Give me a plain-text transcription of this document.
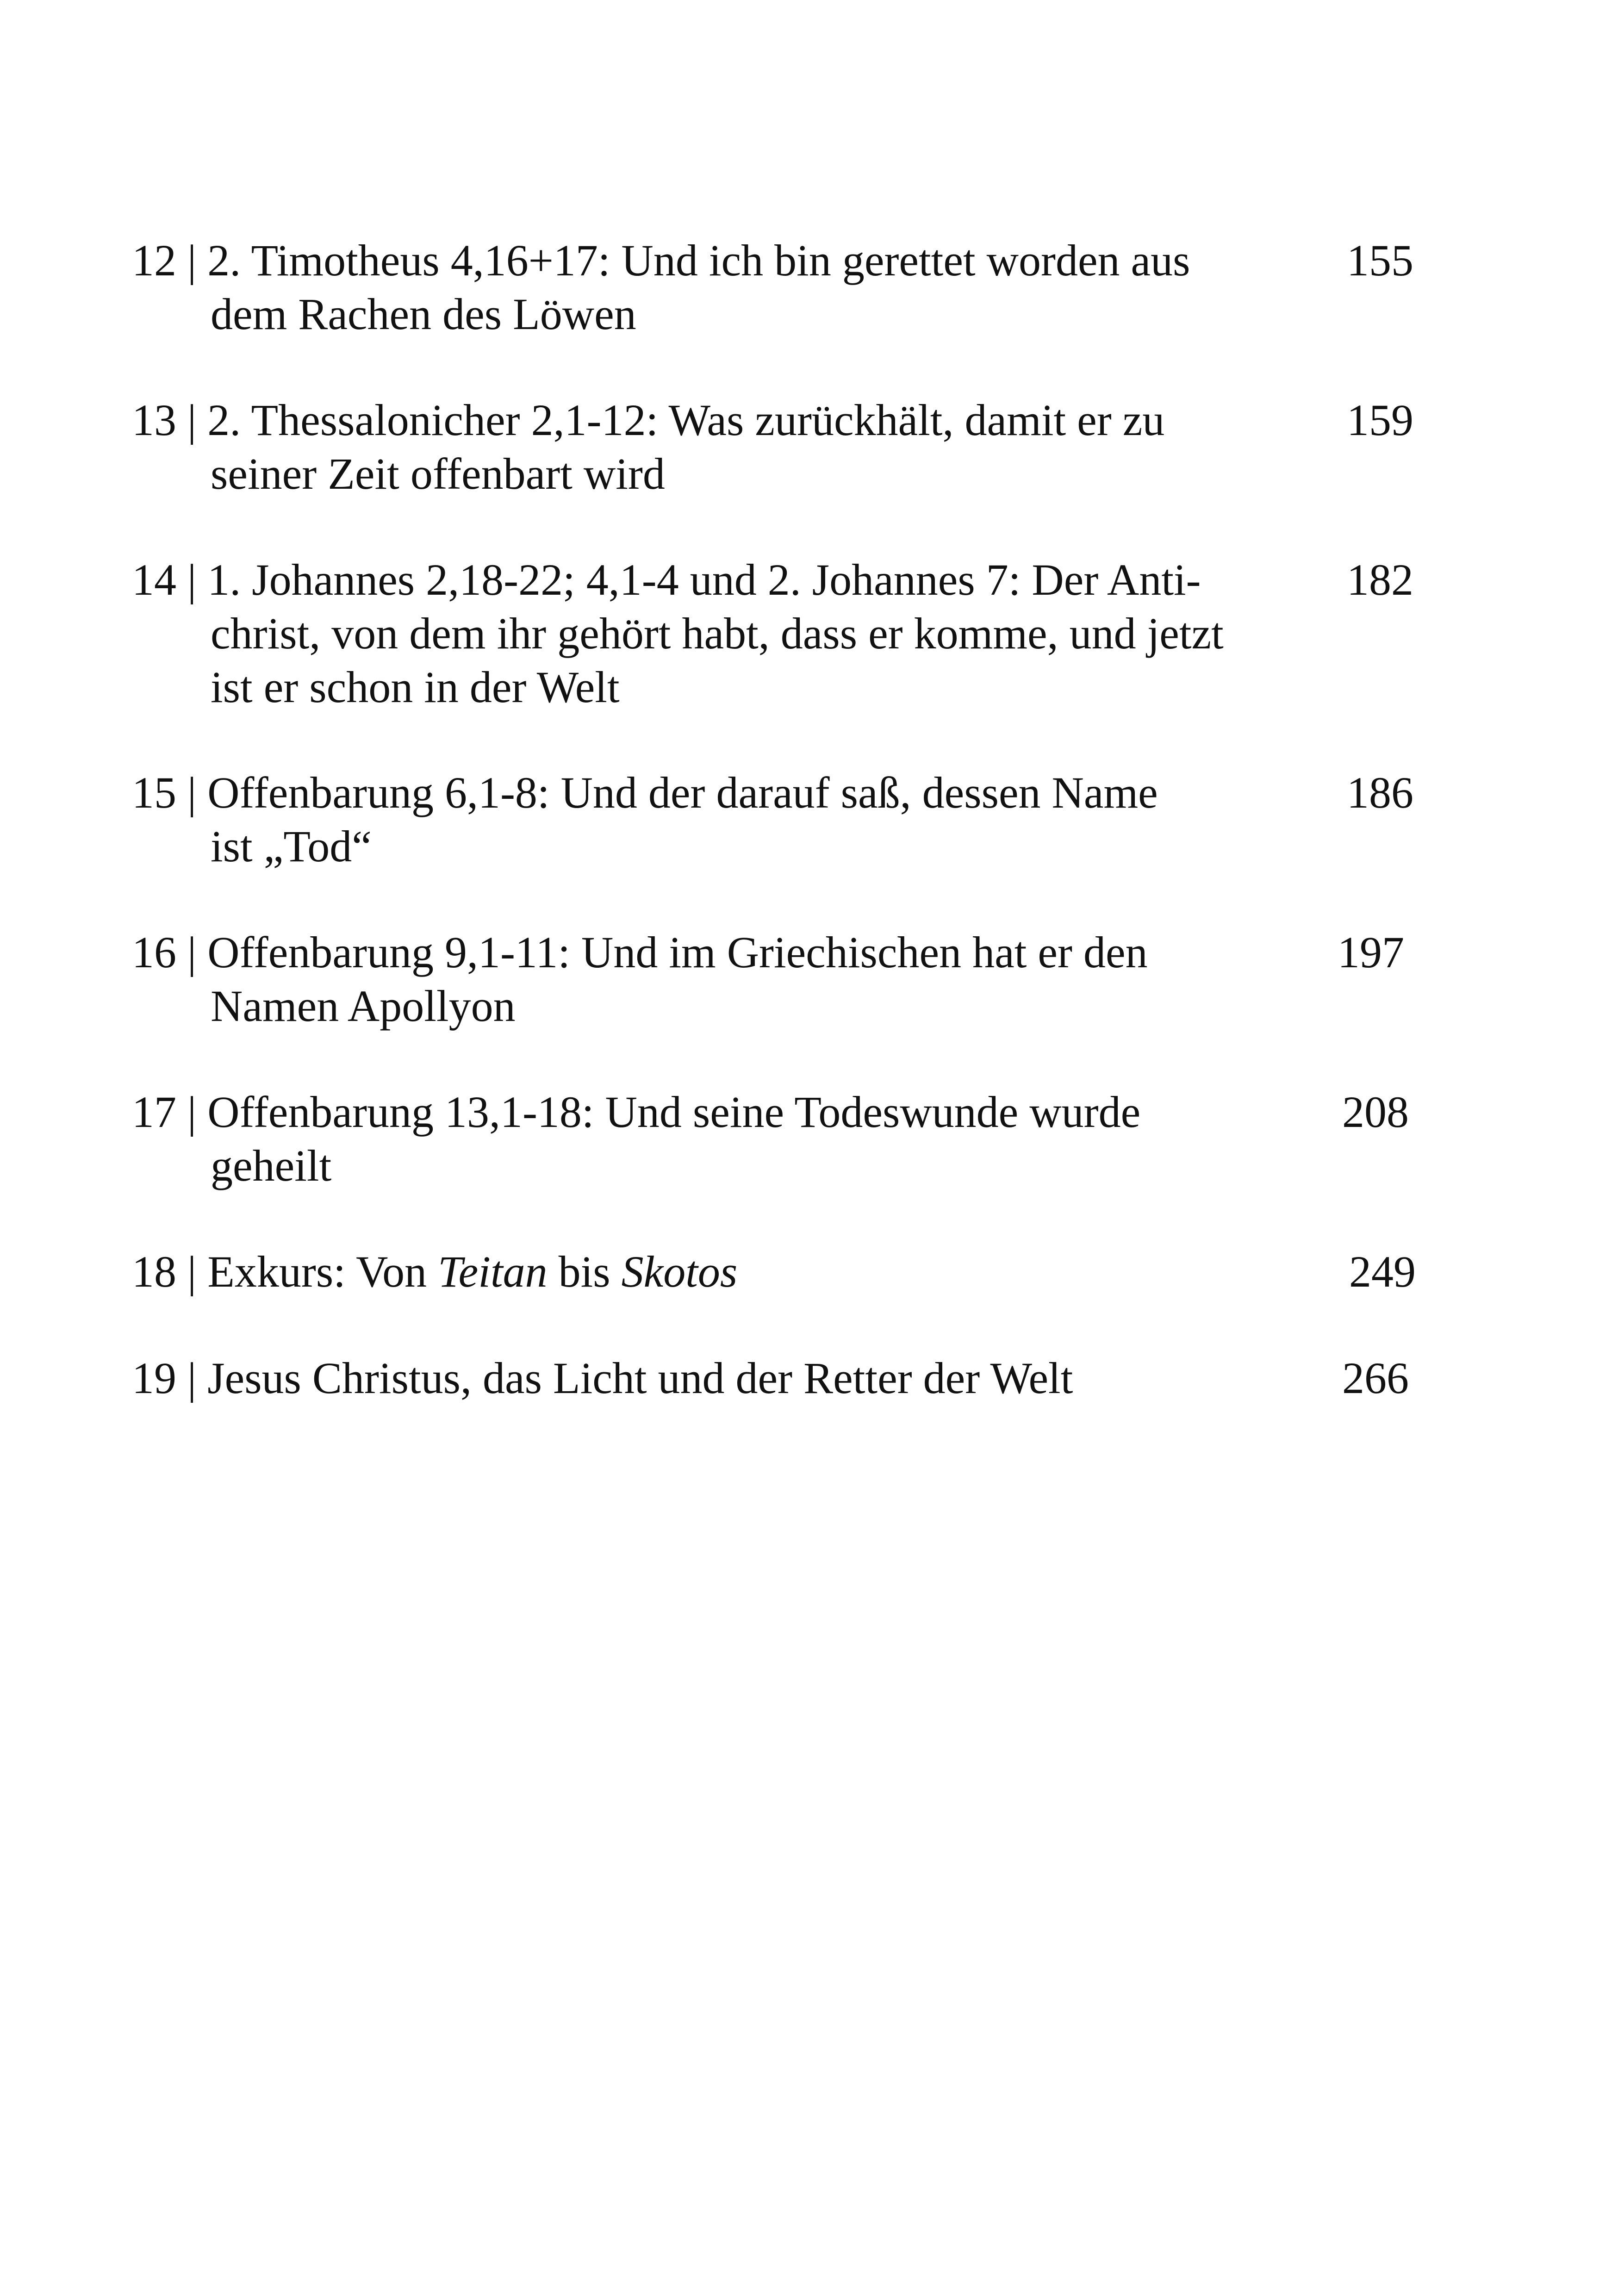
12 | 2. Timotheus 4,16+17: Und ich bin gerettet worden aus
dem Rachen des Löwen
155
13 | 2. Thessalonicher 2,1-12: Was zurückhält, damit er zu
seiner Zeit offenbart wird
159
14 | 1. Johannes 2,18-22; 4,1-4 und 2. Johannes 7: Der Anti-
christ, von dem ihr gehört habt, dass er komme, und jetzt
ist er schon in der Welt
182
15 | Offenbarung 6,1-8: Und der darauf saß, dessen Name
ist „Tod“
186
16 | Offenbarung 9,1-11: Und im Griechischen hat er den
Namen Apollyon
197
17 | Offenbarung 13,1-18: Und seine Todeswunde wurde
geheilt
208
18 | Exkurs: Von Teitan bis Skotos	249
19 | Jesus Christus, das Licht und der Retter der Welt	266
